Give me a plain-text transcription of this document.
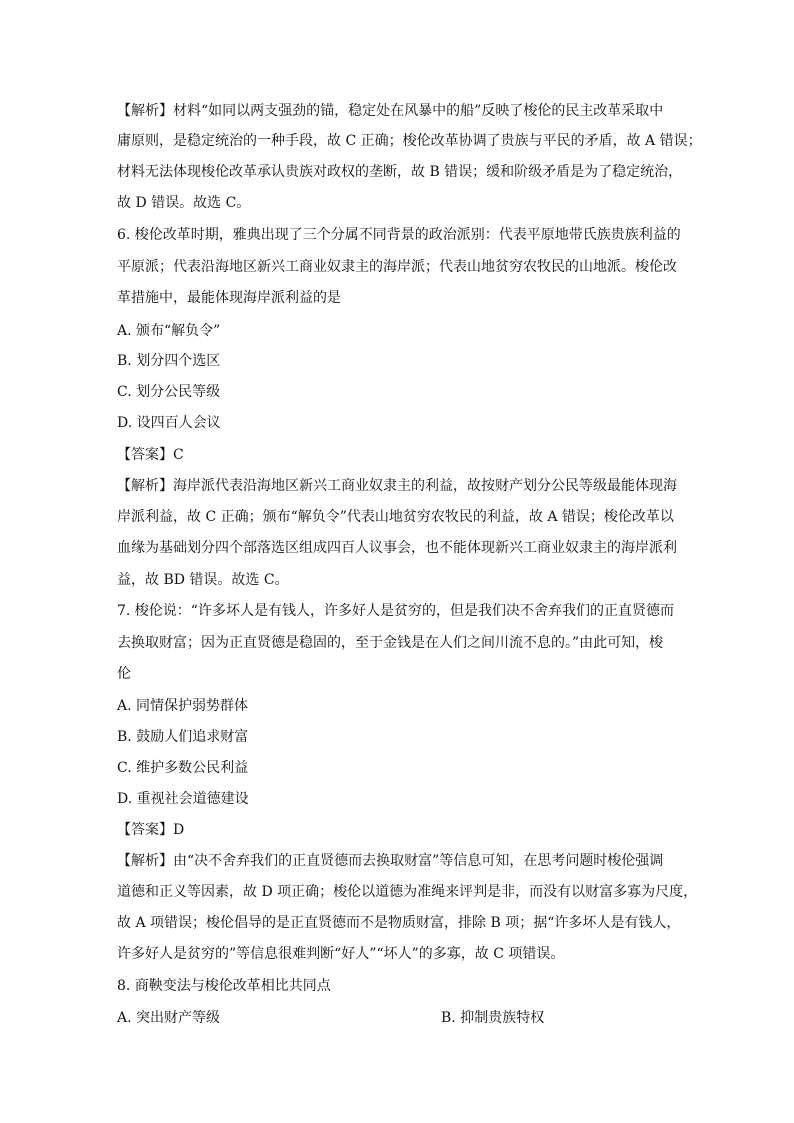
【解析】材料“如同以两支强劲的锚，稳定处在风暴中的船”反映了梭伦的民主改革采取中
庸原则，是稳定统治的一种手段，故 C 正确；梭伦改革协调了贵族与平民的矛盾，故 A 错误；
材料无法体现梭伦改革承认贵族对政权的垄断，故 B 错误；缓和阶级矛盾是为了稳定统治，
故 D 错误。故选 C。
6. 梭伦改革时期，雅典出现了三个分属不同背景的政治派别：代表平原地带氏族贵族利益的
平原派；代表沿海地区新兴工商业奴隶主的海岸派；代表山地贫穷农牧民的山地派。梭伦改
革措施中，最能体现海岸派利益的是
A. 颁布“解负令”
B. 划分四个选区
C. 划分公民等级
D. 设四百人会议
【答案】C
【解析】海岸派代表沿海地区新兴工商业奴隶主的利益，故按财产划分公民等级最能体现海
岸派利益，故 C 正确；颁布“解负令”代表山地贫穷农牧民的利益，故 A 错误；梭伦改革以
血缘为基础划分四个部落选区组成四百人议事会，也不能体现新兴工商业奴隶主的海岸派利
益，故 BD 错误。故选 C。
7. 梭伦说：“许多坏人是有钱人，许多好人是贫穷的，但是我们决不舍弃我们的正直贤德而
去换取财富；因为正直贤德是稳固的，至于金钱是在人们之间川流不息的。”由此可知，梭
伦
A. 同情保护弱势群体
B. 鼓励人们追求财富
C. 维护多数公民利益
D. 重视社会道德建设
【答案】D
【解析】由“决不舍弃我们的正直贤德而去换取财富”等信息可知，在思考问题时梭伦强调
道德和正义等因素，故 D 项正确；梭伦以道德为准绳来评判是非，而没有以财富多寡为尺度，
故 A 项错误；梭伦倡导的是正直贤德而不是物质财富，排除 B 项；据“许多坏人是有钱人，
许多好人是贫穷的”等信息很难判断“好人”“坏人”的多寡，故 C 项错误。
8. 商鞅变法与梭伦改革相比共同点
A. 突出财产等级	B. 抑制贵族特权
